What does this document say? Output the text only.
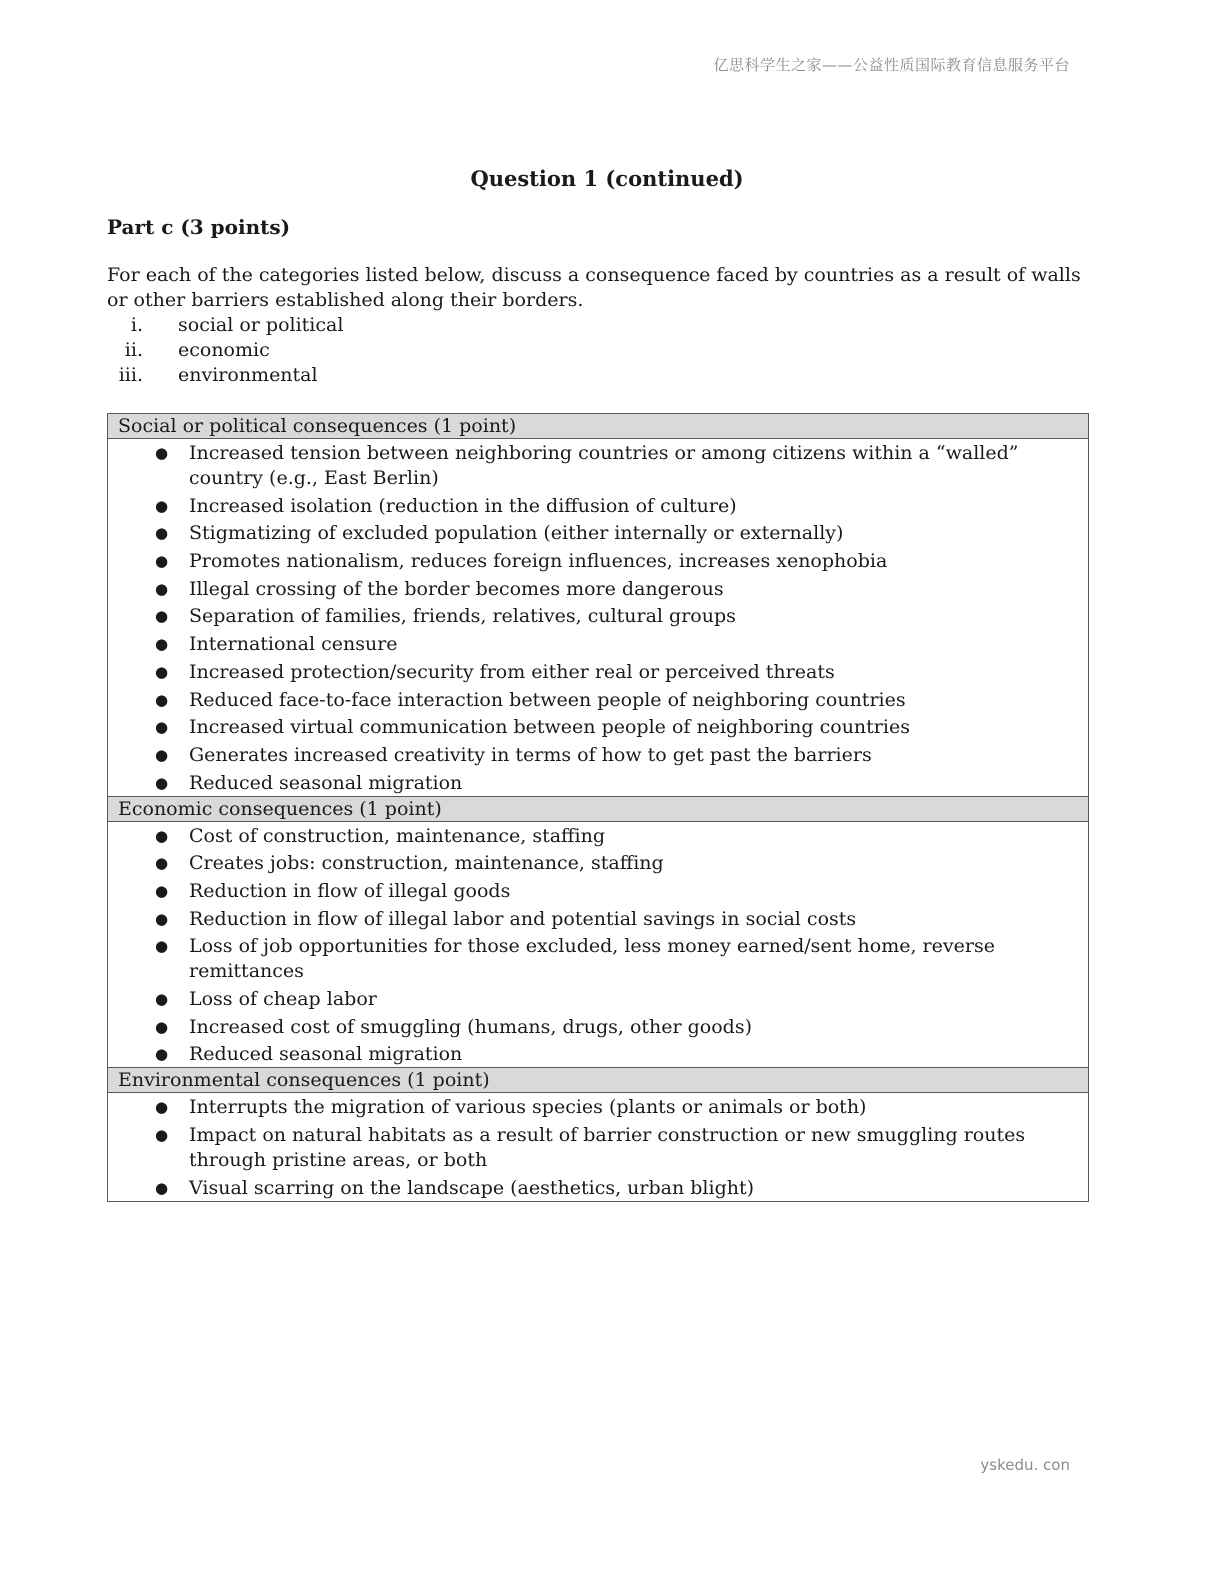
亿思科学生之家——公益性质国际教育信息服务平台
Question 1 (continued)
Part c (3 points)

For each of the categories listed below, discuss a consequence faced by countries as a result of walls or other barriers established along their borders.

i.	social or political
ii.	economic
iii.	environmental
Social or political consequences (1 point)
●	Increased tension between neighboring countries or among citizens within a “walled” country (e.g., East Berlin)
●	Increased isolation (reduction in the diffusion of culture)
●	Stigmatizing of excluded population (either internally or externally)
●	Promotes nationalism, reduces foreign influences, increases xenophobia
●	Illegal crossing of the border becomes more dangerous
●	Separation of families, friends, relatives, cultural groups
●	International censure
●	Increased protection/security from either real or perceived threats
●	Reduced face-to-face interaction between people of neighboring countries
●	Increased virtual communication between people of neighboring countries
●	Generates increased creativity in terms of how to get past the barriers
●	Reduced seasonal migration
Economic consequences (1 point)
●	Cost of construction, maintenance, staffing
●	Creates jobs: construction, maintenance, staffing
●	Reduction in flow of illegal goods
●	Reduction in flow of illegal labor and potential savings in social costs
●	Loss of job opportunities for those excluded, less money earned/sent home, reverse remittances
●	Loss of cheap labor
●	Increased cost of smuggling (humans, drugs, other goods)
●	Reduced seasonal migration
Environmental consequences (1 point)
●	Interrupts the migration of various species (plants or animals or both)
●	Impact on natural habitats as a result of barrier construction or new smuggling routes through pristine areas, or both
●	Visual scarring on the landscape (aesthetics, urban blight)
yskedu. con
